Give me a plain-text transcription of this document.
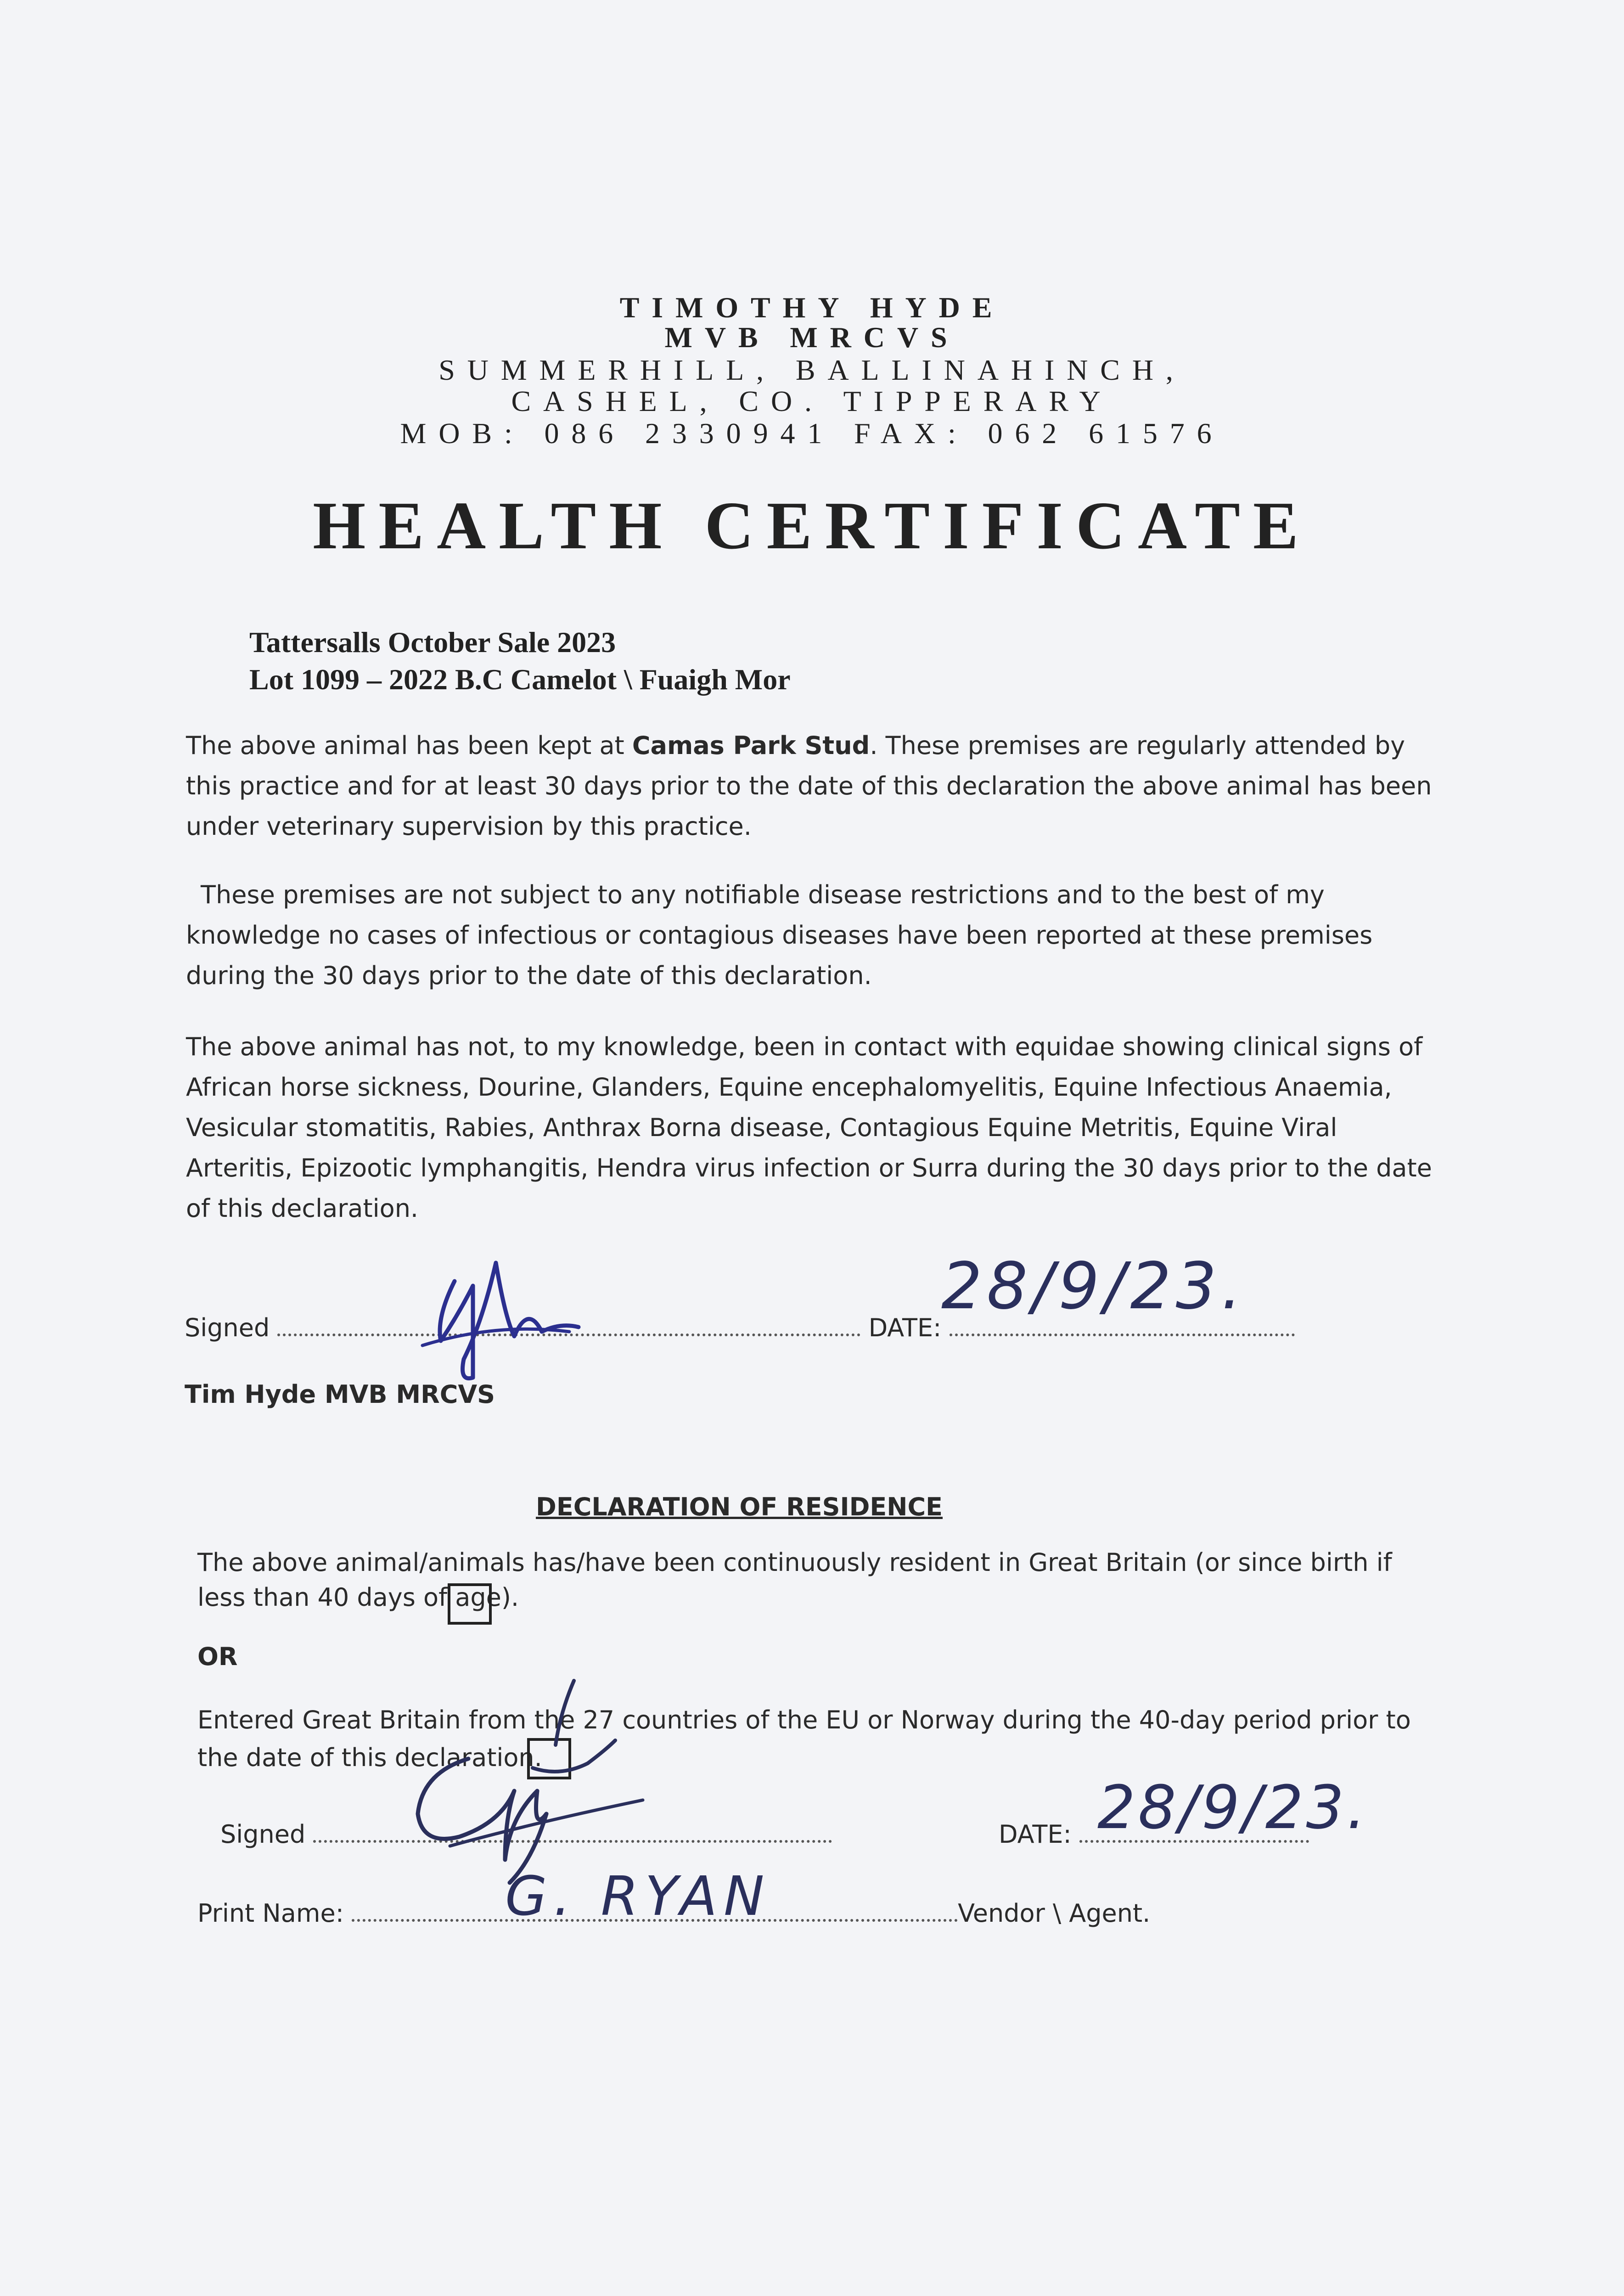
TIMOTHY HYDE
MVB MRCVS
SUMMERHILL, BALLINAHINCH,
CASHEL, CO. TIPPERARY
MOB: 086 2330941 FAX: 062 61576
HEALTH CERTIFICATE
Tattersalls October Sale 2023
Lot 1099 – 2022 B.C Camelot \ Fuaigh Mor
The above animal has been kept at Camas Park Stud. These premises are regularly attended by this practice and for at least 30 days prior to the date of this declaration the above animal has been under veterinary supervision by this practice.
These premises are not subject to any notifiable disease restrictions and to the best of my knowledge no cases of infectious or contagious diseases have been reported at these premises during the 30 days prior to the date of this declaration.
The above animal has not, to my knowledge, been in contact with equidae showing clinical signs of African horse sickness, Dourine, Glanders, Equine encephalomyelitis, Equine Infectious Anaemia, Vesicular stomatitis, Rabies, Anthrax Borna disease, Contagious Equine Metritis, Equine Viral Arteritis, Epizootic lymphangitis, Hendra virus infection or Surra during the 30 days prior to the date of this declaration.
Signed	DATE:
28/9/23.
Tim Hyde MVB MRCVS
DECLARATION OF RESIDENCE
The above animal/animals has/have been continuously resident in Great Britain (or since birth if less than 40 days of age).
OR
Entered Great Britain from the 27 countries of the EU or Norway during the 40-day period prior to the date of this declaration.
Signed	DATE: 28/9/23.
Print Name:	Vendor \ Agent.
G. RYAN
